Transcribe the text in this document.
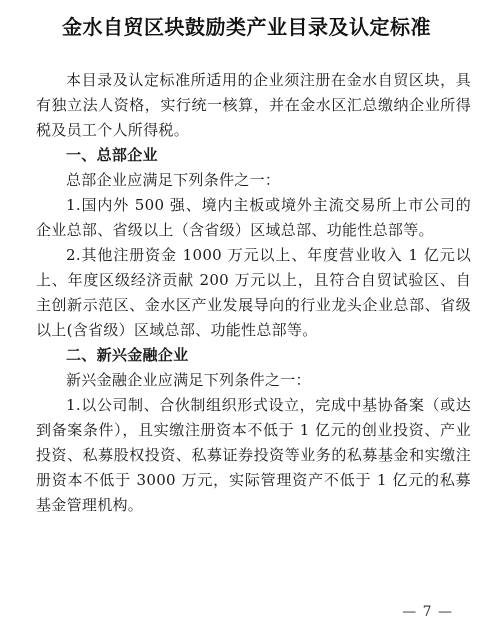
金水自贸区块鼓励类产业目录及认定标准

本目录及认定标准所适用的企业须注册在金水自贸区块，具有独立法人资格，实行统一核算，并在金水区汇总缴纳企业所得税及员工个人所得税。

一、总部企业

总部企业应满足下列条件之一：

1.国内外 500 强、境内主板或境外主流交易所上市公司的企业总部、省级以上（含省级）区域总部、功能性总部等。

2.其他注册资金 1000 万元以上、年度营业收入 1 亿元以上、年度区级经济贡献 200 万元以上，且符合自贸试验区、自主创新示范区、金水区产业发展导向的行业龙头企业总部、省级以上(含省级）区域总部、功能性总部等。

二、新兴金融企业

新兴金融企业应满足下列条件之一：

1.以公司制、合伙制组织形式设立，完成中基协备案（或达到备案条件），且实缴注册资本不低于 1 亿元的创业投资、产业投资、私募股权投资、私募证券投资等业务的私募基金和实缴注册资本不低于 3000 万元，实际管理资产不低于 1 亿元的私募基金管理机构。

— 7 —
